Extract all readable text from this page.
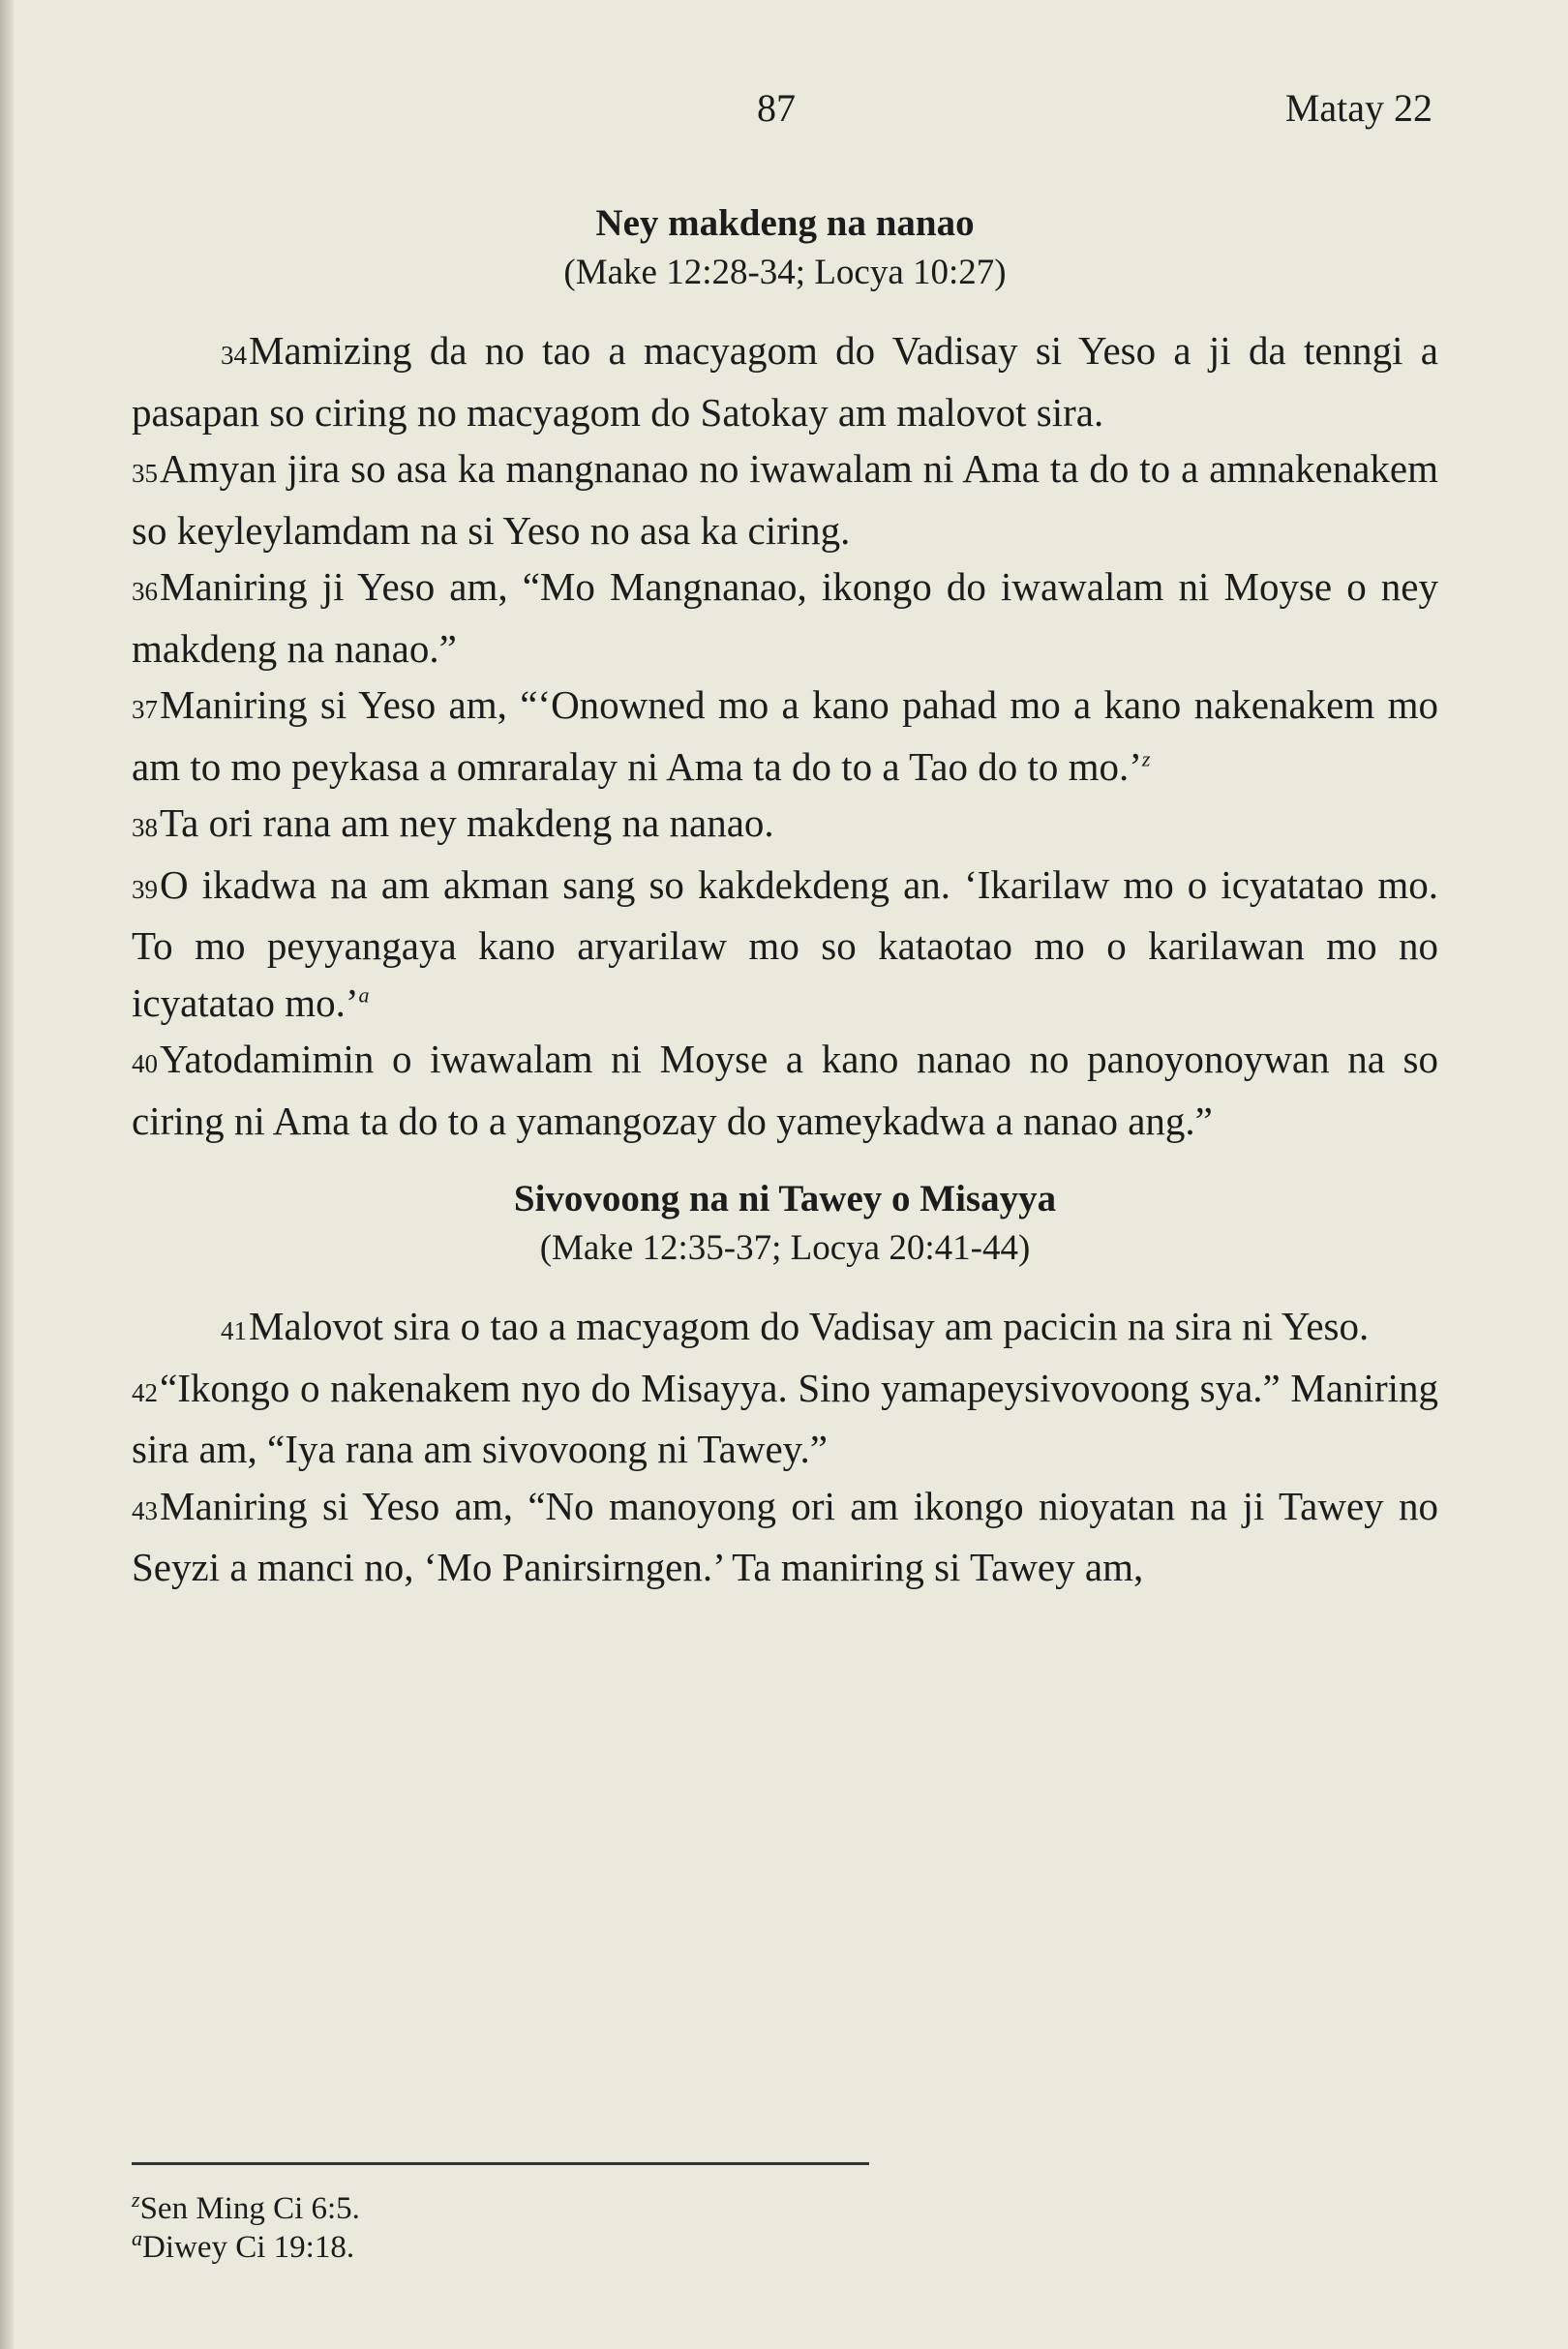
87	Matay 22
Ney makdeng na nanao
(Make 12:28-34; Locya 10:27)
34Mamizing da no tao a macyagom do Vadisay si Yeso a ji da tenngi a pasapan so ciring no macyagom do Satokay am malovot sira.
35Amyan jira so asa ka mangnanao no iwawalam ni Ama ta do to a amnakenakem so keyleylamdam na si Yeso no asa ka ciring.
36Maniring ji Yeso am, “Mo Mangnanao, ikongo do iwawalam ni Moyse o ney makdeng na nanao.”
37Maniring si Yeso am, “‘Onowned mo a kano pahad mo a kano nakenakem mo am to mo peykasa a omraralay ni Ama ta do to a Tao do to mo.’$^z$
38Ta ori rana am ney makdeng na nanao.
39O ikadwa na am akman sang so kakdekdeng an. ‘Ikarilaw mo o icyatatao mo. To mo peyyangaya kano aryarilaw mo so kataotao mo o karilawan mo no icyatatao mo.’$^a$
40Yatodamimin o iwawalam ni Moyse a kano nanao no panoyonoywan na so ciring ni Ama ta do to a yamangozay do yameykadwa a nanao ang.”
Sivovoong na ni Tawey o Misayya
(Make 12:35-37; Locya 20:41-44)
41Malovot sira o tao a macyagom do Vadisay am pacicin na sira ni Yeso.
42“Ikongo o nakenakem nyo do Misayya. Sino yamapeysivovoong sya.” Maniring sira am, “Iya rana am sivovoong ni Tawey.”
43Maniring si Yeso am, “No manoyong ori am ikongo nioyatan na ji Tawey no Seyzi a manci no, ‘Mo Panirsirngen.’ Ta maniring si Tawey am,
$^z$Sen Ming Ci 6:5.
$^a$Diwey Ci 19:18.
